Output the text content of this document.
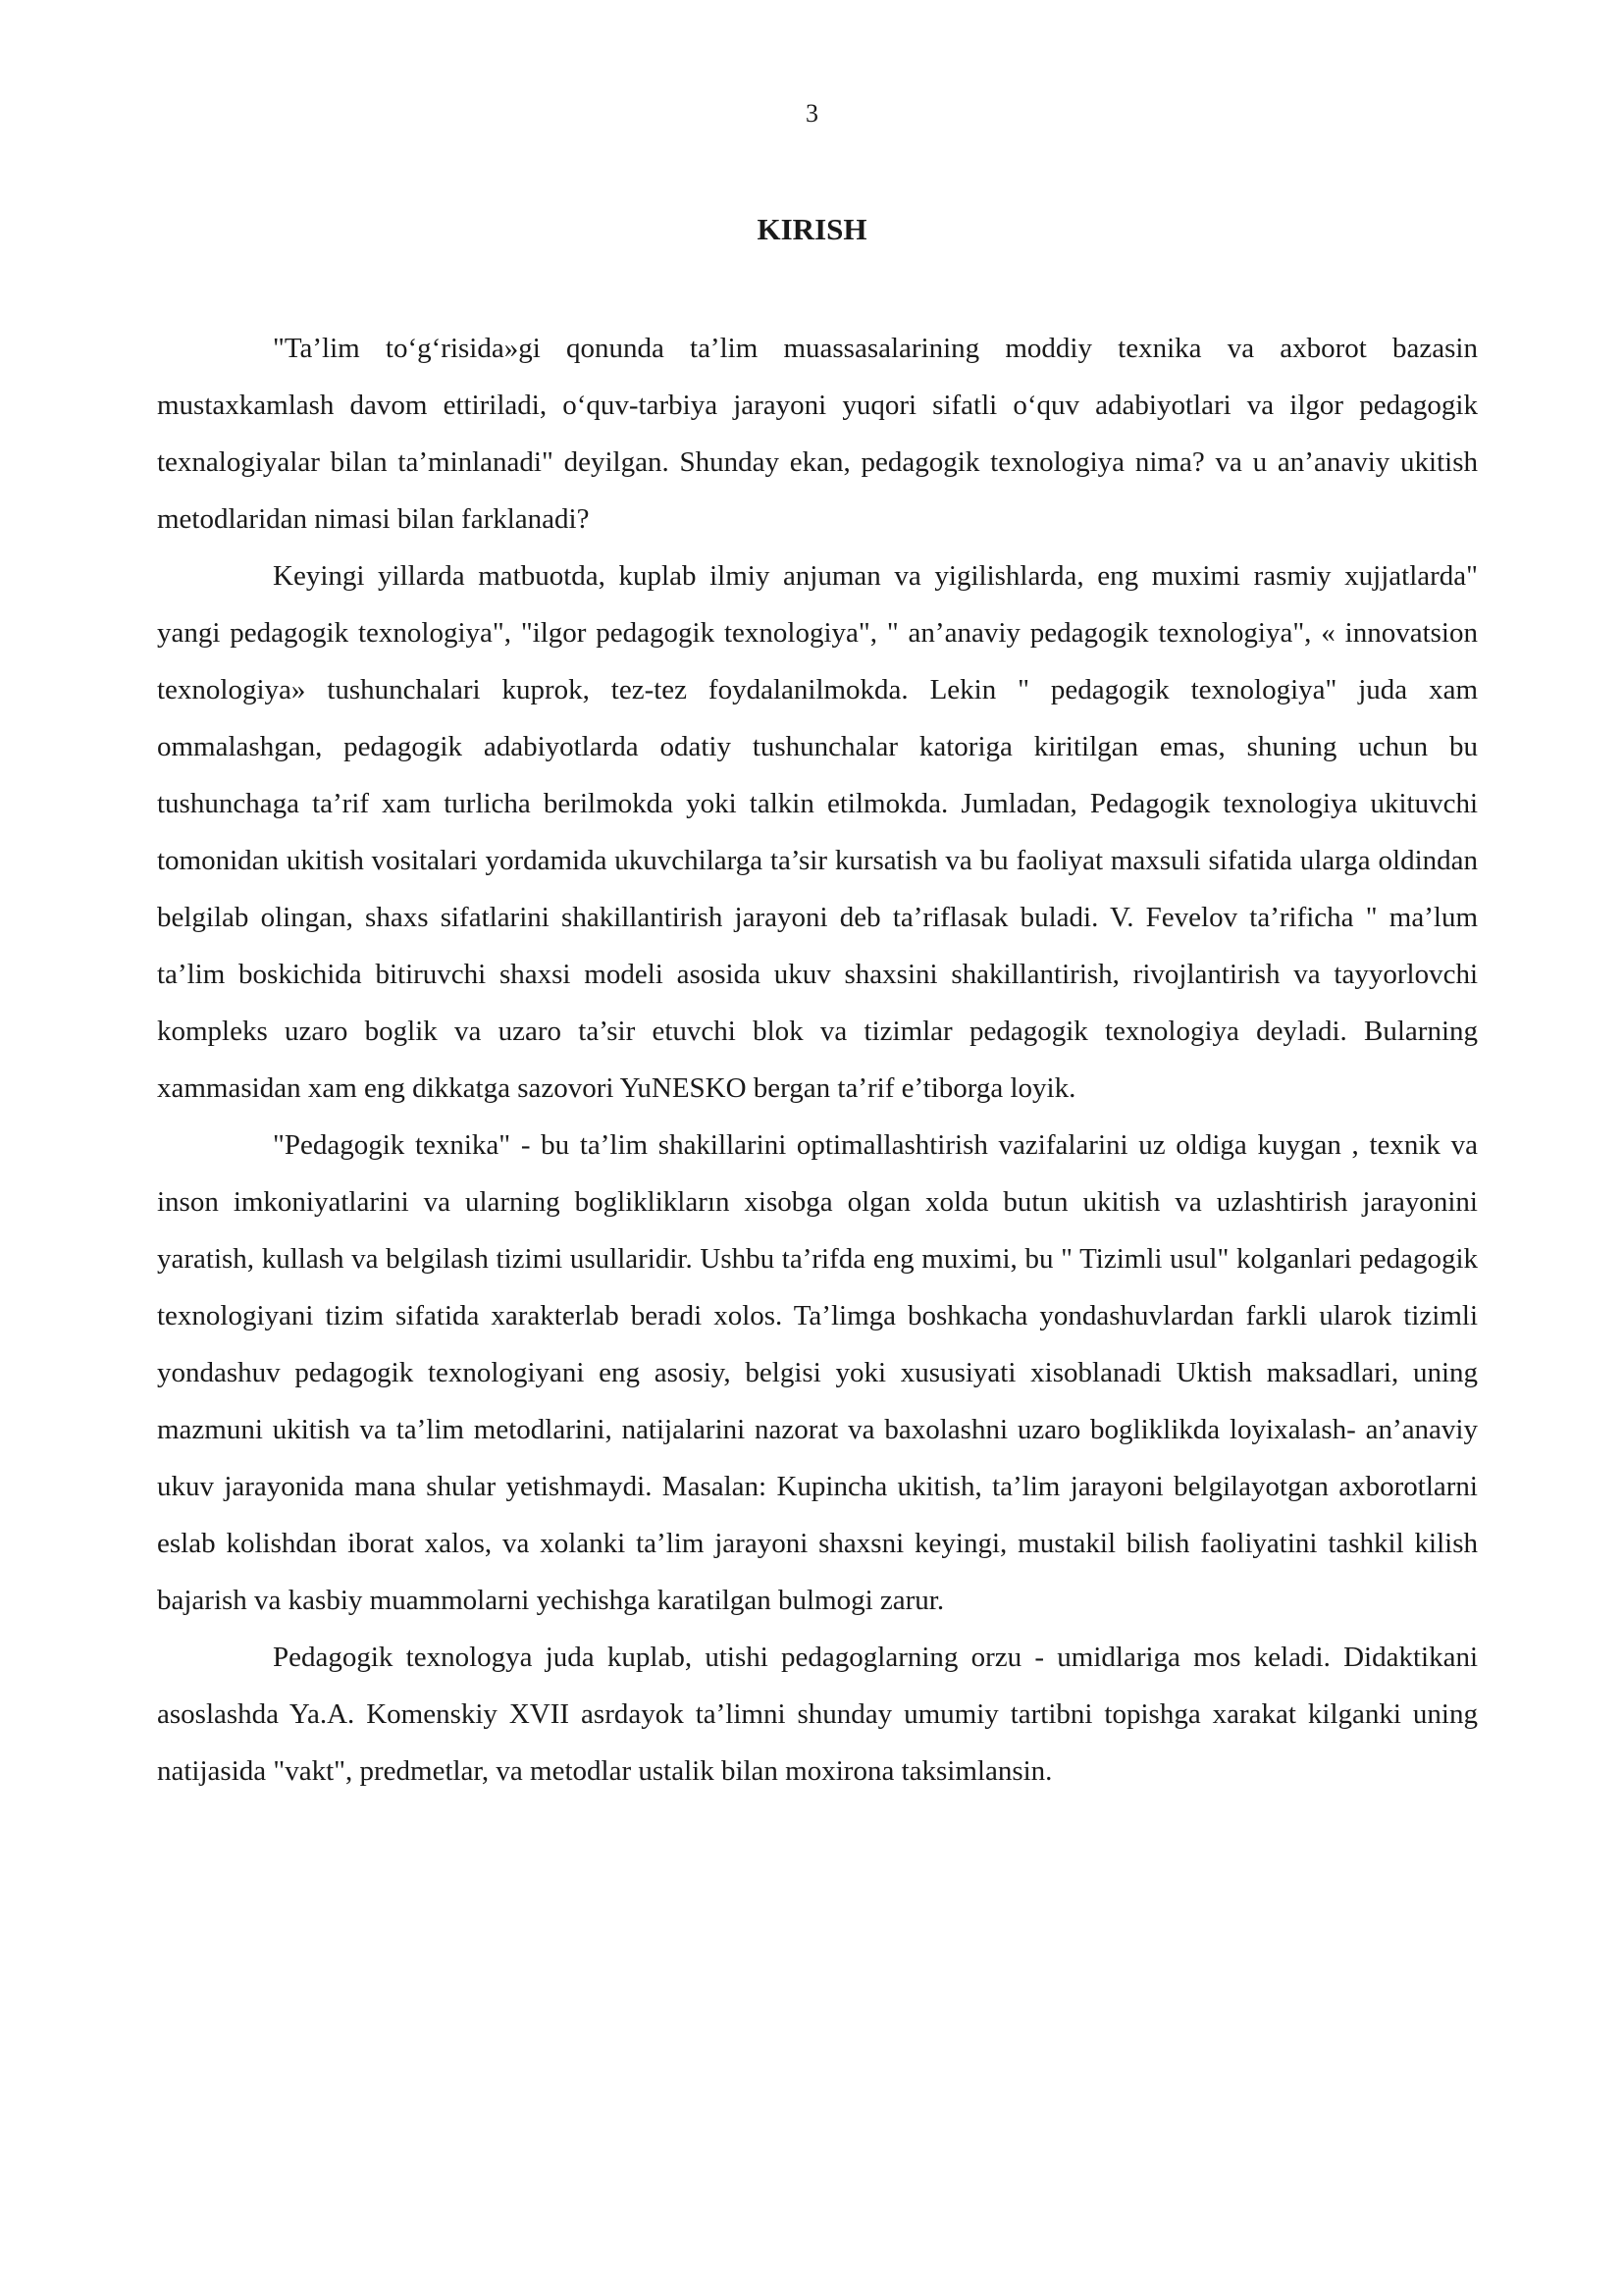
3
KIRISH

"Ta’lim to‘g‘risida»gi qonunda ta’lim muassasalarining moddiy texnika va axborot bazasin mustaxkamlash davom ettiriladi, o‘quv-tarbiya jarayoni yuqori sifatli o‘quv adabiyotlari va ilgor pedagogik texnalogiyalar bilan ta’minlanadi" deyilgan. Shunday ekan, pedagogik texnologiya nima? va u an’anaviy ukitish metodlaridan nimasi bilan farklanadi?

Keyingi yillarda matbuotda, kuplab ilmiy anjuman va yigilishlarda, eng muximi rasmiy xujjatlarda" yangi pedagogik texnologiya", "ilgor pedagogik texnologiya", " an’anaviy pedagogik texnologiya", « innovatsion texnologiya» tushunchalari kuprok, tez-tez foydalanilmokda. Lekin " pedagogik texnologiya" juda xam ommalashgan, pedagogik adabiyotlarda odatiy tushunchalar katoriga kiritilgan emas, shuning uchun bu tushunchaga ta’rif xam turlicha berilmokda yoki talkin etilmokda. Jumladan, Pedagogik texnologiya ukituvchi tomonidan ukitish vositalari yordamida ukuvchilarga ta’sir kursatish va bu faoliyat maxsuli sifatida ularga oldindan belgilab olingan, shaxs sifatlarini shakillantirish jarayoni deb ta’riflasak buladi. V. Fevelov ta’rificha " ma’lum ta’lim boskichida bitiruvchi shaxsi modeli asosida ukuv shaxsini shakillantirish, rivojlantirish va tayyorlovchi kompleks uzaro boglik va uzaro ta’sir etuvchi blok va tizimlar pedagogik texnologiya deyladi. Bularning xammasidan xam eng dikkatga sazovori YuNESKO bergan ta’rif e’tiborga loyik.

"Pedagogik texnika" - bu ta’lim shakillarini optimallashtirish vazifalarini uz oldiga kuygan , texnik va inson imkoniyatlarini va ularning bogliklikların xisobga olgan xolda butun ukitish va uzlashtirish jarayonini yaratish, kullash va belgilash tizimi usullaridir. Ushbu ta’rifda eng muximi, bu " Tizimli usul" kolganlari pedagogik texnologiyani tizim sifatida xarakterlab beradi xolos. Ta’limga boshkacha yondashuvlardan farkli ularok tizimli yondashuv pedagogik texnologiyani eng asosiy, belgisi yoki xususiyati xisoblanadi Uktish maksadlari, uning mazmuni ukitish va ta’lim metodlarini, natijalarini nazorat va baxolashni uzaro bogliklikda loyixalash- an’anaviy ukuv jarayonida mana shular yetishmaydi. Masalan: Kupincha ukitish, ta’lim jarayoni belgilayotgan axborotlarni eslab kolishdan iborat xalos, va xolanki ta’lim jarayoni shaxsni keyingi, mustakil bilish faoliyatini tashkil kilish bajarish va kasbiy muammolarni yechishga karatilgan bulmogi zarur.

Pedagogik texnologya juda kuplab, utishi pedagoglarning orzu - umidlariga mos keladi. Didaktikani asoslashda Ya.A. Komenskiy XVII asrdayok ta’limni shunday umumiy tartibni topishga xarakat kilganki uning natijasida "vakt", predmetlar, va metodlar ustalik bilan moxirona taksimlansin.
